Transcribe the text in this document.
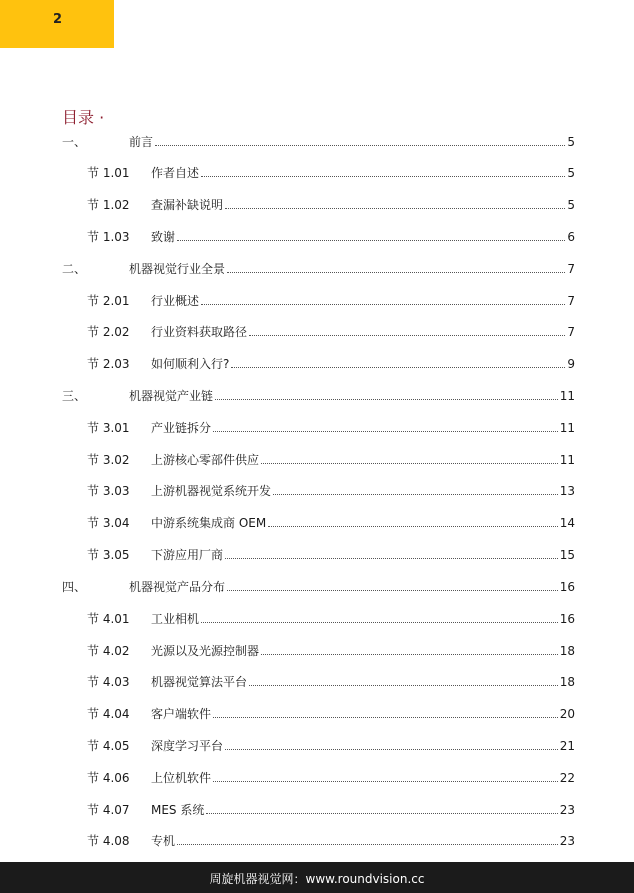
2
目录 ·
一、	前言	5
节 1.01	作者自述	5
节 1.02	查漏补缺说明	5
节 1.03	致谢	6
二、	机器视觉行业全景	7
节 2.01	行业概述	7
节 2.02	行业资料获取路径	7
节 2.03	如何顺利入行?	9
三、	机器视觉产业链	11
节 3.01	产业链拆分	11
节 3.02	上游核心零部件供应	11
节 3.03	上游机器视觉系统开发	13
节 3.04	中游系统集成商 OEM	14
节 3.05	下游应用厂商	15
四、	机器视觉产品分布	16
节 4.01	工业相机	16
节 4.02	光源以及光源控制器	18
节 4.03	机器视觉算法平台	18
节 4.04	客户端软件	20
节 4.05	深度学习平台	21
节 4.06	上位机软件	22
节 4.07	MES 系统	23
节 4.08	专机	23
周旋机器视觉网：www.roundvision.cc
